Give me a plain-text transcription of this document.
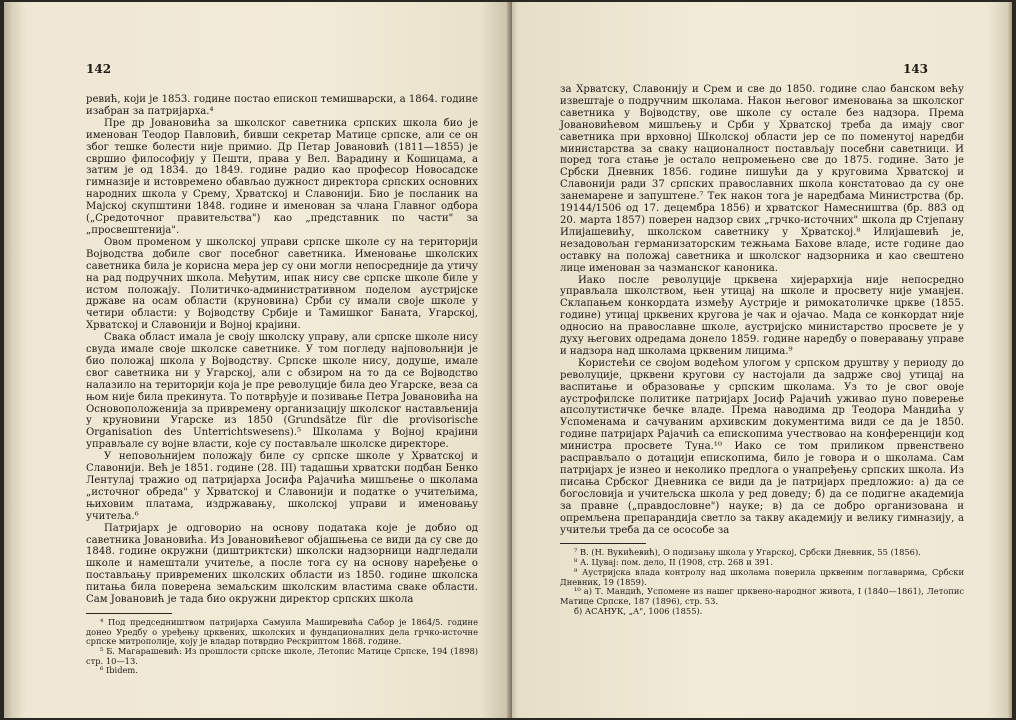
142

ревић, који је 1853. године постао епископ темишварски, а 1864. године изабран за патријарха.⁴

Пре др Јовановића за школског саветника српских школа био је именован Теодор Павловић, бивши секретар Матице српске, али се он због тешке болести није примио. Др Петар Јовановић (1811—1855) је свршио философију у Пешти, права у Вел. Варадину и Кошицама, а затим је од 1834. до 1849. године радио као професор Новосадске гимназије и истовремено обављао дужност директора српских основних народних школа у Срему, Хрватској и Славонији. Био је посланик на Мајској скупштини 1848. године и именован за члана Главног одбора („Средоточног правитељства") као „представник по части" за „просвештенија".

Овом променом у школској управи српске школе су на територији Војводства добиле свог посебног саветника. Именовање школских саветника била је корисна мера јер су они могли непосредније да утичу на рад подручних школа. Међутим, ипак нису све српске школе биле у истом положају. Политичко-административном поделом аустријске државе на осам области (круновина) Срби су имали своје школе у четири области: у Војводству Србије и Тамишког Баната, Угарској, Хрватској и Славонији и Војној крајини.

Свака област имала је своју школску управу, али српске школе нису свуда имале своје школске саветнике. У том погледу најповољнији је био положај школа у Војводству. Српске школе нису, додуше, имале свог саветника ни у Угарској, али с обзиром на то да се Војводство налазило на територији која је пре револуције била део Угарске, веза са њом није била прекинута. То потврђује и позивање Петра Јовановића на Основоположенија за привремену организацију школског настављенија у круновини Угарске из 1850 (Grundsätze für die provisorische Organisation des Unterrichtswesens).⁵ Школама у Војној крајини управљале су војне власти, које су постављале школске директоре.

У неповољнијем положају биле су српске школе у Хрватској и Славонији. Већ је 1851. године (28. III) тадашњи хрватски подбан Бенко Лентулај тражио од патријарха Јосифа Рајачића мишљење о школама „источног обреда" у Хрватској и Славонији и податке о учитељима, њиховим платама, издржавању, школској управи и именовању учитеља.⁶

Патријарх је одговорио на основу података које је добио од саветника Јовановића. Из Јовановићевог објашњења се види да су све до 1848. године окружни (диштриктски) школски надзорници надгледали школе и намештали учитеље, а после тога су на основу наређење о постављању привремених школских области из 1850. године школска питања била поверена земаљским школским властима сваке области. Сам Јовановић је тада био окружни директор српских школа

⁴ Под председништвом патријарха Самуила Маширевића Сабор је 1864/5. године донео Уредбу о уређењу црквених, школских и фундационалних дела грчко-источне српске митрополије, коју је владар потврдио Рескриптом 1868. године.

⁵ Б. Магарашевић: Из прошлости српске школе, Летопис Матице Српске, 194 (1898) стр. 10—13.

⁶ Ibidem.

143

за Хрватску, Славонију и Срем и све до 1850. године слао банском већу извештаје о подручним школама. Након његовог именовања за школског саветника у Војводству, ове школе су остале без надзора. Према Јовановићевом мишљењу и Срби у Хрватској треба да имају свог саветника при врховној Школској области јер се по поменутој наредби министарства за сваку националност постављају посебни саветници. И поред тога стање је остало непромењено све до 1875. године. Зато је Србски Дневник 1856. године пишући да у круговима Хрватској и Славонији ради 37 српских православних школа констатовао да су оне занемарене и запуштене.⁷ Тек након тога је наредбама Министрства (бр. 19144/1506 од 17. децембра 1856) и хрватског Намесништва (бр. 883 од 20. марта 1857) поверен надзор свих „грчко-источних" школа др Стјепану Илијашевићу, школском саветнику у Хрватској.⁸ Илијашевић је, незадовољан германизаторским тежњама Бахове владе, исте године дао оставку на положај саветника и школског надзорника и као свештено лице именован за чазманског каноника.

Иако после револуције црквена хијерархија није непосредно управљала школством, њен утицај на школе и просвету није уманјен. Склапањем конкордата између Аустрије и римокатоличке цркве (1855. године) утицај црквених кругова је чак и ојачао. Мада се конкордат није односио на православне школе, аустријско министарство просвете је у духу његових одредама донело 1859. године наредбу о поверавању управе и надзора над школама црквеним лицима.⁹

Користећи се својом водећом улогом у српском друштву у периоду до револуције, црквени кругови су настојали да задрже свој утицај на васпитање и образовање у српским школама. Уз то је свог овоје аустрофилске политике патријарх Јосиф Рајачић уживао пуно поверење апсолутистичке бечке владе. Према наводима др Теодора Мандића у Успоменама и сачуваним архивским документима види се да је 1850. године патријарх Рајачић са епископима учествовао на конференцији код министра просвете Туна.¹⁰ Иако се том приликом првенствено расправљало о дотацији епископима, било је говора и о школама. Сам патријарх је изнео и неколико предлога о унапређењу српских школа. Из писања Србског Дневника се види да је патријарх предложио: а) да се богословија и учитељска школа у ред доведу; б) да се подигне академија за правне („правдословне") науке; в) да се добро организована и опремљена препарандија светло за такву академију и велику гимназију, а учитељи треба да се осособе за

⁷ В. (Н. Вукићевић), О подизању школа у Угарској, Србски Дневник, 55 (1856).

⁸ А. Цуваj: пом. дело, II (1908, стр. 268 и 391.

⁹ Аустријска влада контролу над школама поверила црквеним поглаварима, Србски Дневник, 19 (1859).

¹⁰ а) Т. Мандић, Успомене из нашег црквено-народног живота, I (1840—1861), Летопис Матице Српске, 187 (1896), стр. 53.

б) АСАНУК, „А", 1006 (1855).
